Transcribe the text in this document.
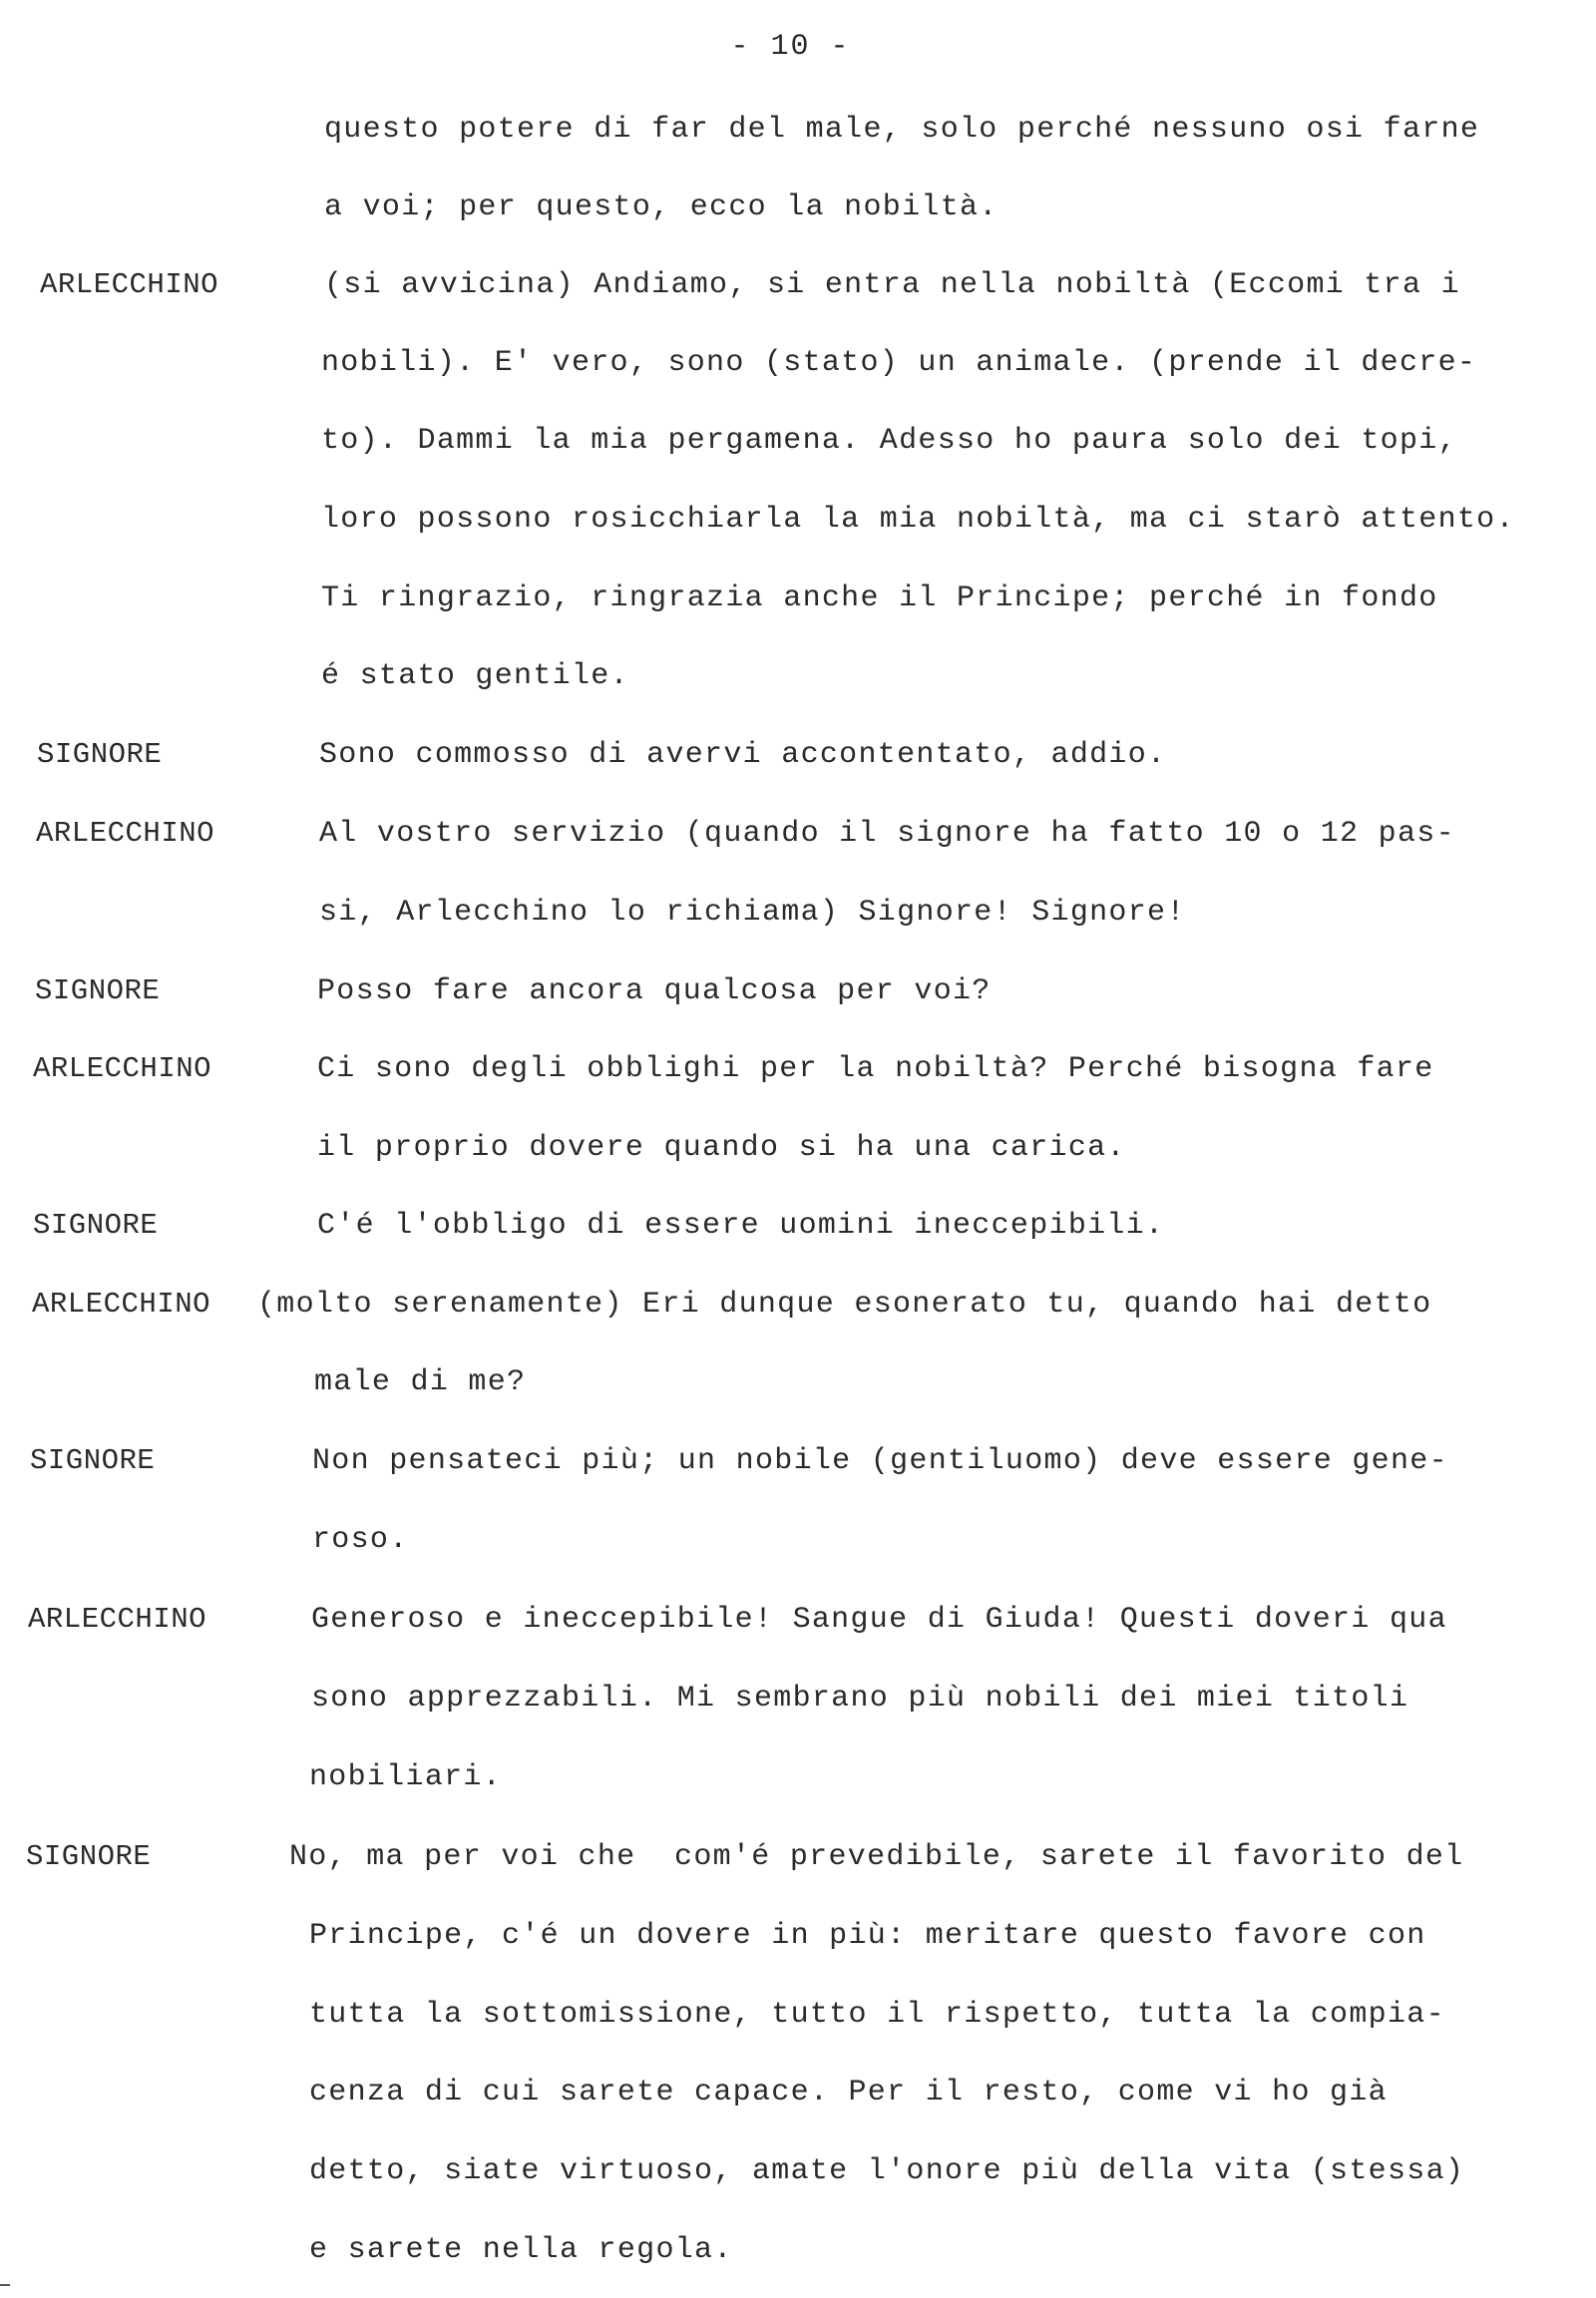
- 10 -
questo potere di far del male, solo perché nessuno osi farne
a voi; per questo, ecco la nobiltà.
ARLECCHINO	(si avvicina) Andiamo, si entra nella nobiltà (Eccomi tra i
nobili). E' vero, sono (stato) un animale. (prende il decre-
to). Dammi la mia pergamena. Adesso ho paura solo dei topi,
loro possono rosicchiarla la mia nobiltà, ma ci starò attento.
Ti ringrazio, ringrazia anche il Principe; perché in fondo
é stato gentile.
SIGNORE	Sono commosso di avervi accontentato, addio.
ARLECCHINO	Al vostro servizio (quando il signore ha fatto 10 o 12 pas-
si, Arlecchino lo richiama) Signore! Signore!
SIGNORE	Posso fare ancora qualcosa per voi?
ARLECCHINO	Ci sono degli obblighi per la nobiltà? Perché bisogna fare
il proprio dovere quando si ha una carica.
SIGNORE	C'é l'obbligo di essere uomini ineccepibili.
ARLECCHINO (molto serenamente) Eri dunque esonerato tu, quando hai detto
male di me?
SIGNORE	Non pensateci più; un nobile (gentiluomo) deve essere gene-
roso.
ARLECCHINO	Generoso e ineccepibile! Sangue di Giuda! Questi doveri qua
sono apprezzabili. Mi sembrano più nobili dei miei titoli
nobiliari.
SIGNORE	No, ma per voi che  com'é prevedibile, sarete il favorito del
Principe, c'é un dovere in più: meritare questo favore con
tutta la sottomissione, tutto il rispetto, tutta la compia-
cenza di cui sarete capace. Per il resto, come vi ho già
detto, siate virtuoso, amate l'onore più della vita (stessa)
e sarete nella regola.
